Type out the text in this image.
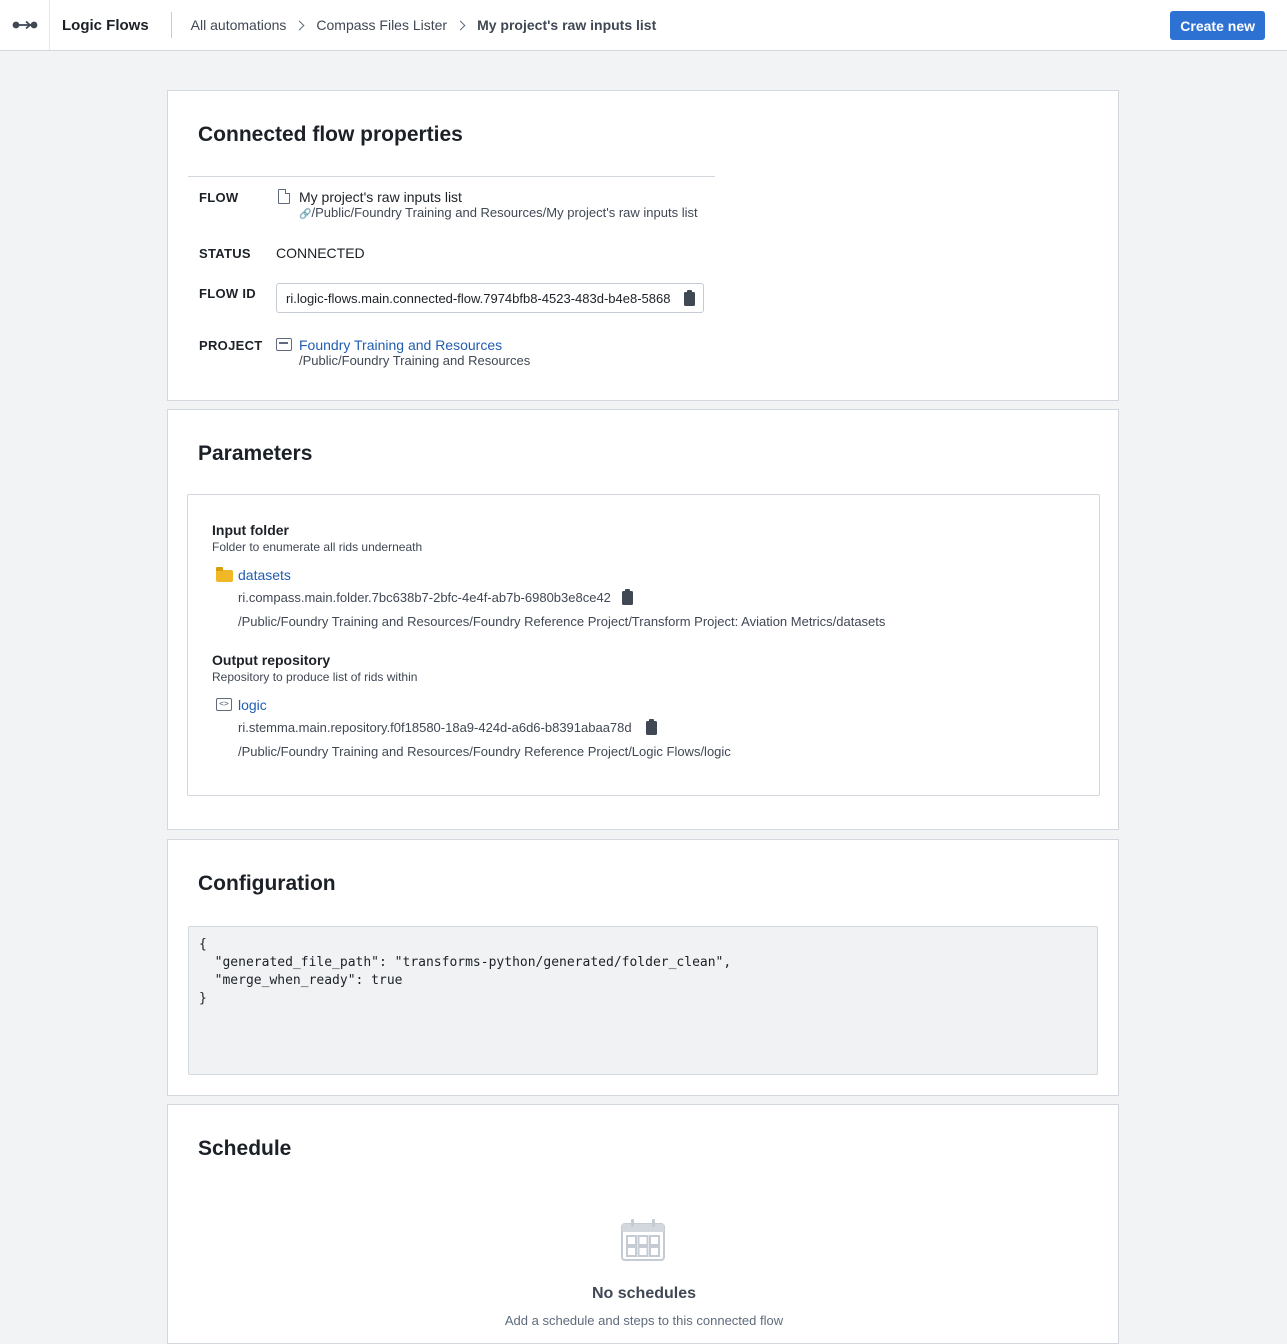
Logic Flows	All automations Compass Files Lister My project's raw inputs list	Create new
Connected flow properties
FLOW	My project's raw inputs list
🔗/Public/Foundry Training and Resources/My project's raw inputs list
STATUS CONNECTED
FLOW ID ri.logic-flows.main.connected-flow.7974bfb8-4523-483d-b4e8-5868
PROJECT	Foundry Training and Resources
/Public/Foundry Training and Resources
Parameters
Input folder
Folder to enumerate all rids underneath
datasets
ri.compass.main.folder.7bc638b7-2bfc-4e4f-ab7b-6980b3e8ce42
/Public/Foundry Training and Resources/Foundry Reference Project/Transform Project: Aviation Metrics/datasets
Output repository
Repository to produce list of rids within
<> logic
ri.stemma.main.repository.f0f18580-18a9-424d-a6d6-b8391abaa78d
/Public/Foundry Training and Resources/Foundry Reference Project/Logic Flows/logic
Configuration
{
"generated_file_path": "transforms-python/generated/folder_clean",
"merge_when_ready": true
}
Schedule
No schedules
Add a schedule and steps to this connected flow
